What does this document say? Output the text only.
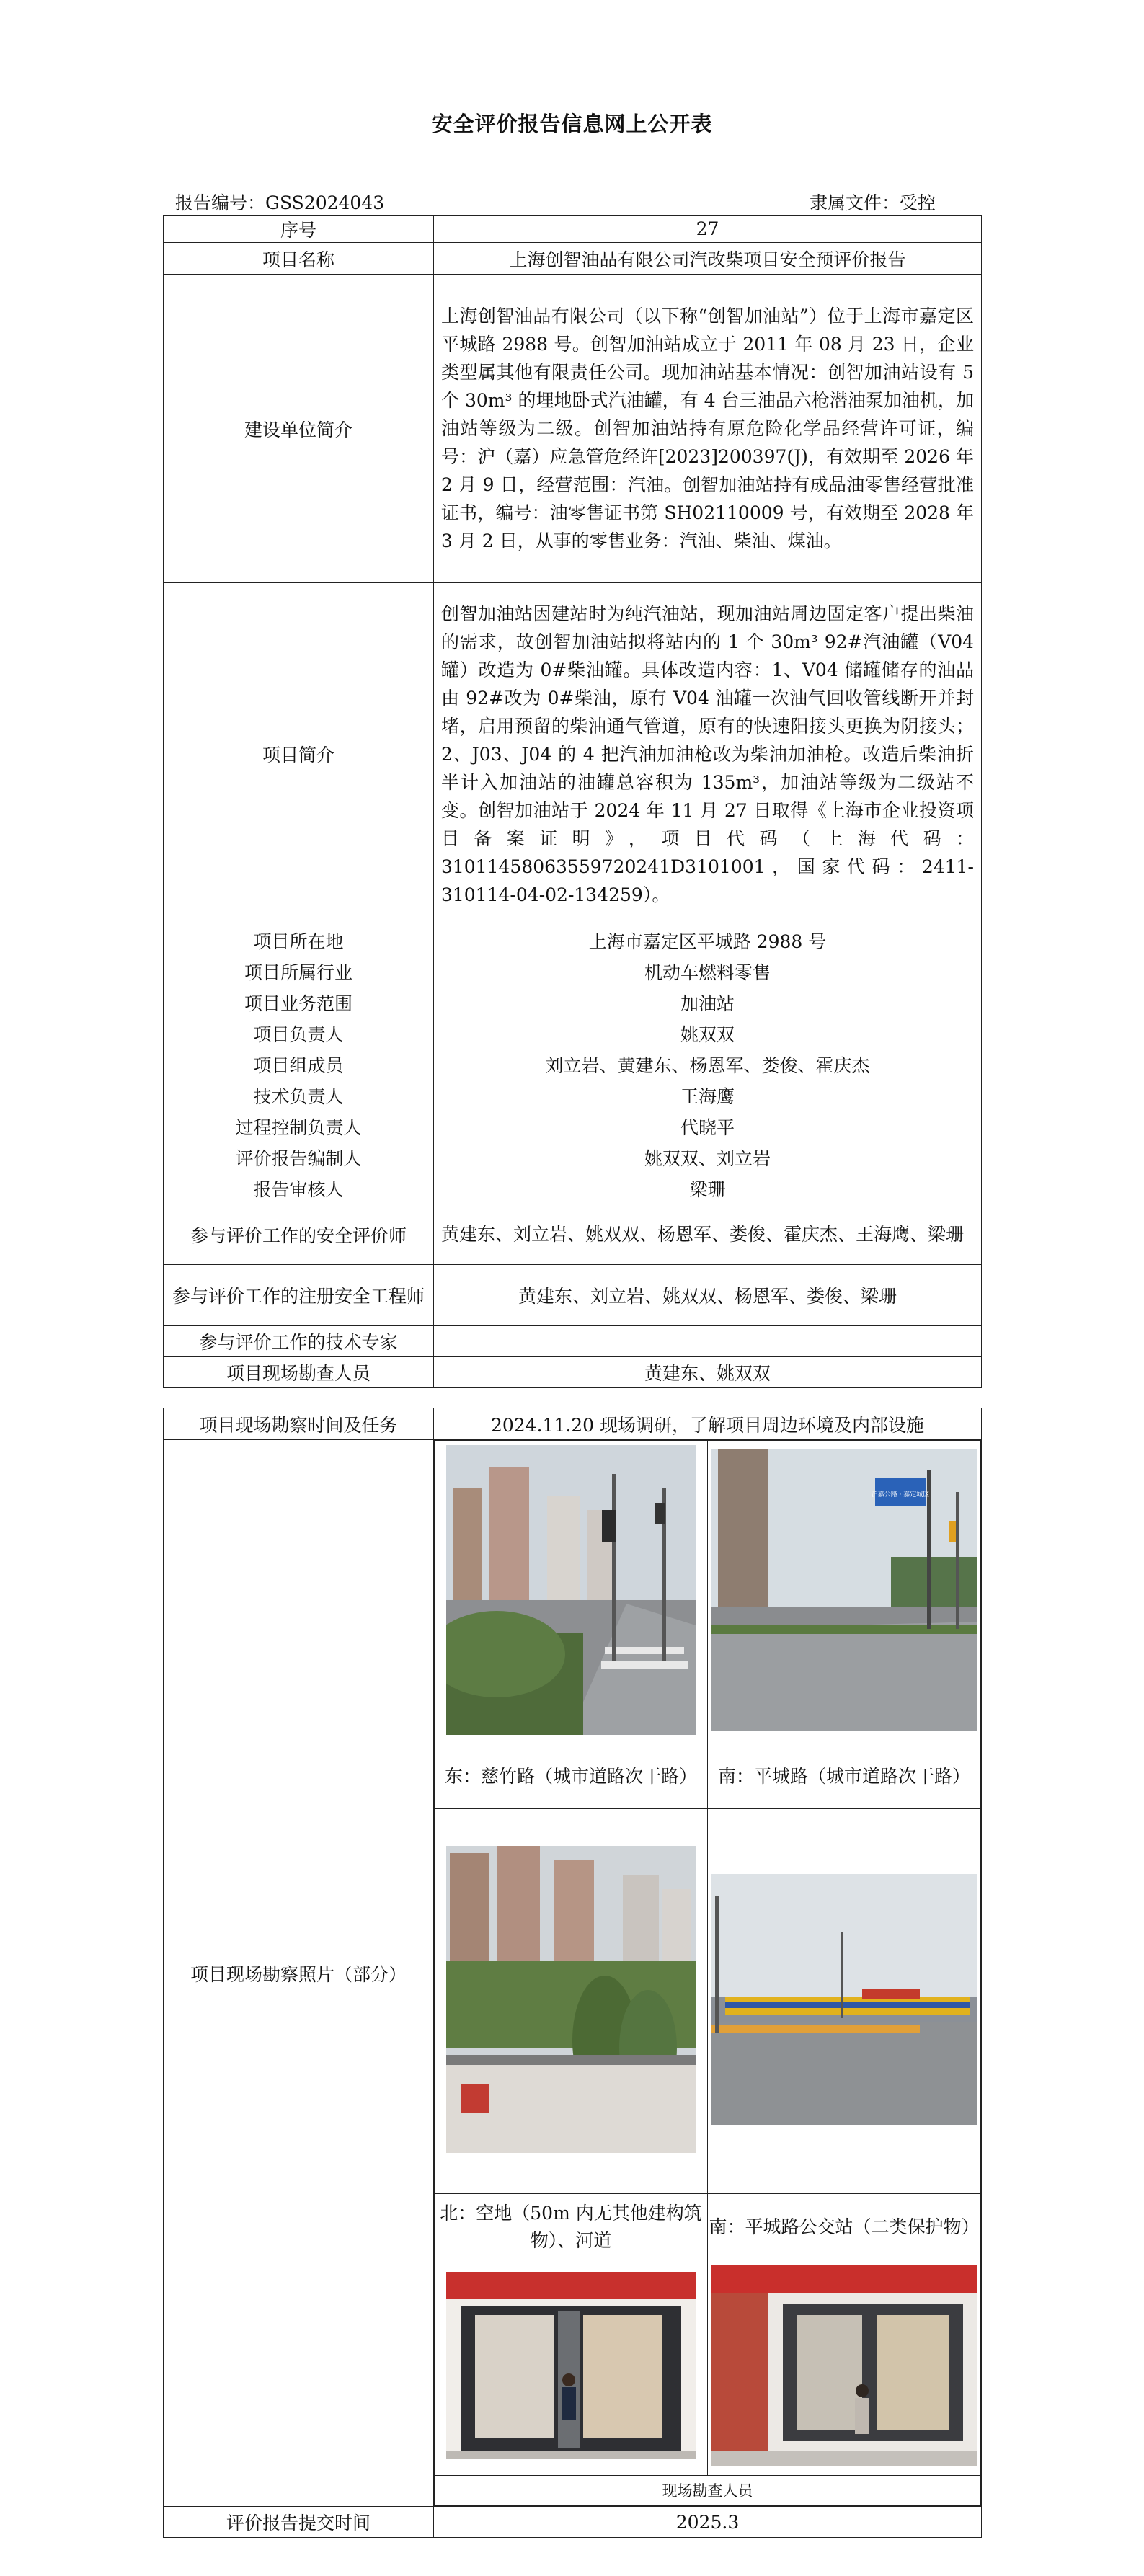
安全评价报告信息网上公开表
报告编号：GSS2024043	隶属文件：受控
序号	27
项目名称	上海创智油品有限公司汽改柴项目安全预评价报告
建设单位简介	上海创智油品有限公司（以下称“创智加油站”）位于上海市嘉定区平城路 2988 号。创智加油站成立于 2011 年 08 月 23 日，企业类型属其他有限责任公司。现加油站基本情况：创智加油站设有 5 个 30m³ 的埋地卧式汽油罐，有 4 台三油品六枪潜油泵加油机，加油站等级为二级。创智加油站持有原危险化学品经营许可证，编号：沪（嘉）应急管危经许[2023]200397(J)，有效期至 2026 年 2 月 9 日，经营范围：汽油。创智加油站持有成品油零售经营批准证书，编号：油零售证书第 SH02110009 号，有效期至 2028 年 3 月 2 日，从事的零售业务：汽油、柴油、煤油。
项目简介	创智加油站因建站时为纯汽油站，现加油站周边固定客户提出柴油的需求，故创智加油站拟将站内的 1 个 30m³ 92#汽油罐（V04 罐）改造为 0#柴油罐。具体改造内容：1、V04 储罐储存的油品由 92#改为 0#柴油，原有 V04 油罐一次油气回收管线断开并封堵，启用预留的柴油通气管道，原有的快速阳接头更换为阴接头；2、J03、J04 的 4 把汽油加油枪改为柴油加油枪。改造后柴油折半计入加油站的油罐总容积为 135m³，加油站等级为二级站不变。创智加油站于 2024 年 11 月 27 日取得《上海市企业投资项目备案证明》，项目代码（上海代码：31011458063559720241D3101001，国家代码：2411-310114-04-02-134259）。
项目所在地	上海市嘉定区平城路 2988 号
项目所属行业	机动车燃料零售
项目业务范围	加油站
项目负责人	姚双双
项目组成员	刘立岩、黄建东、杨恩军、娄俊、霍庆杰
技术负责人	王海鹰
过程控制负责人	代晓平
评价报告编制人	姚双双、刘立岩
报告审核人	梁珊
参与评价工作的安全评价师	黄建东、刘立岩、姚双双、杨恩军、娄俊、霍庆杰、王海鹰、梁珊
参与评价工作的注册安全工程师	黄建东、刘立岩、姚双双、杨恩军、娄俊、梁珊
参与评价工作的技术专家	
项目现场勘查人员	黄建东、姚双双
项目现场勘察时间及任务	2024.11.20 现场调研，了解项目周边环境及内部设施
项目现场勘察照片（部分）	

沪嘉公路 · 嘉定城区

东：慈竹路（城市道路次干路）	南：平城路（城市道路次干路）

北：空地（50m 内无其他建构筑物）、河道	南：平城路公交站（二类保护物）

现场勘查人员

评价报告提交时间	2025.3
